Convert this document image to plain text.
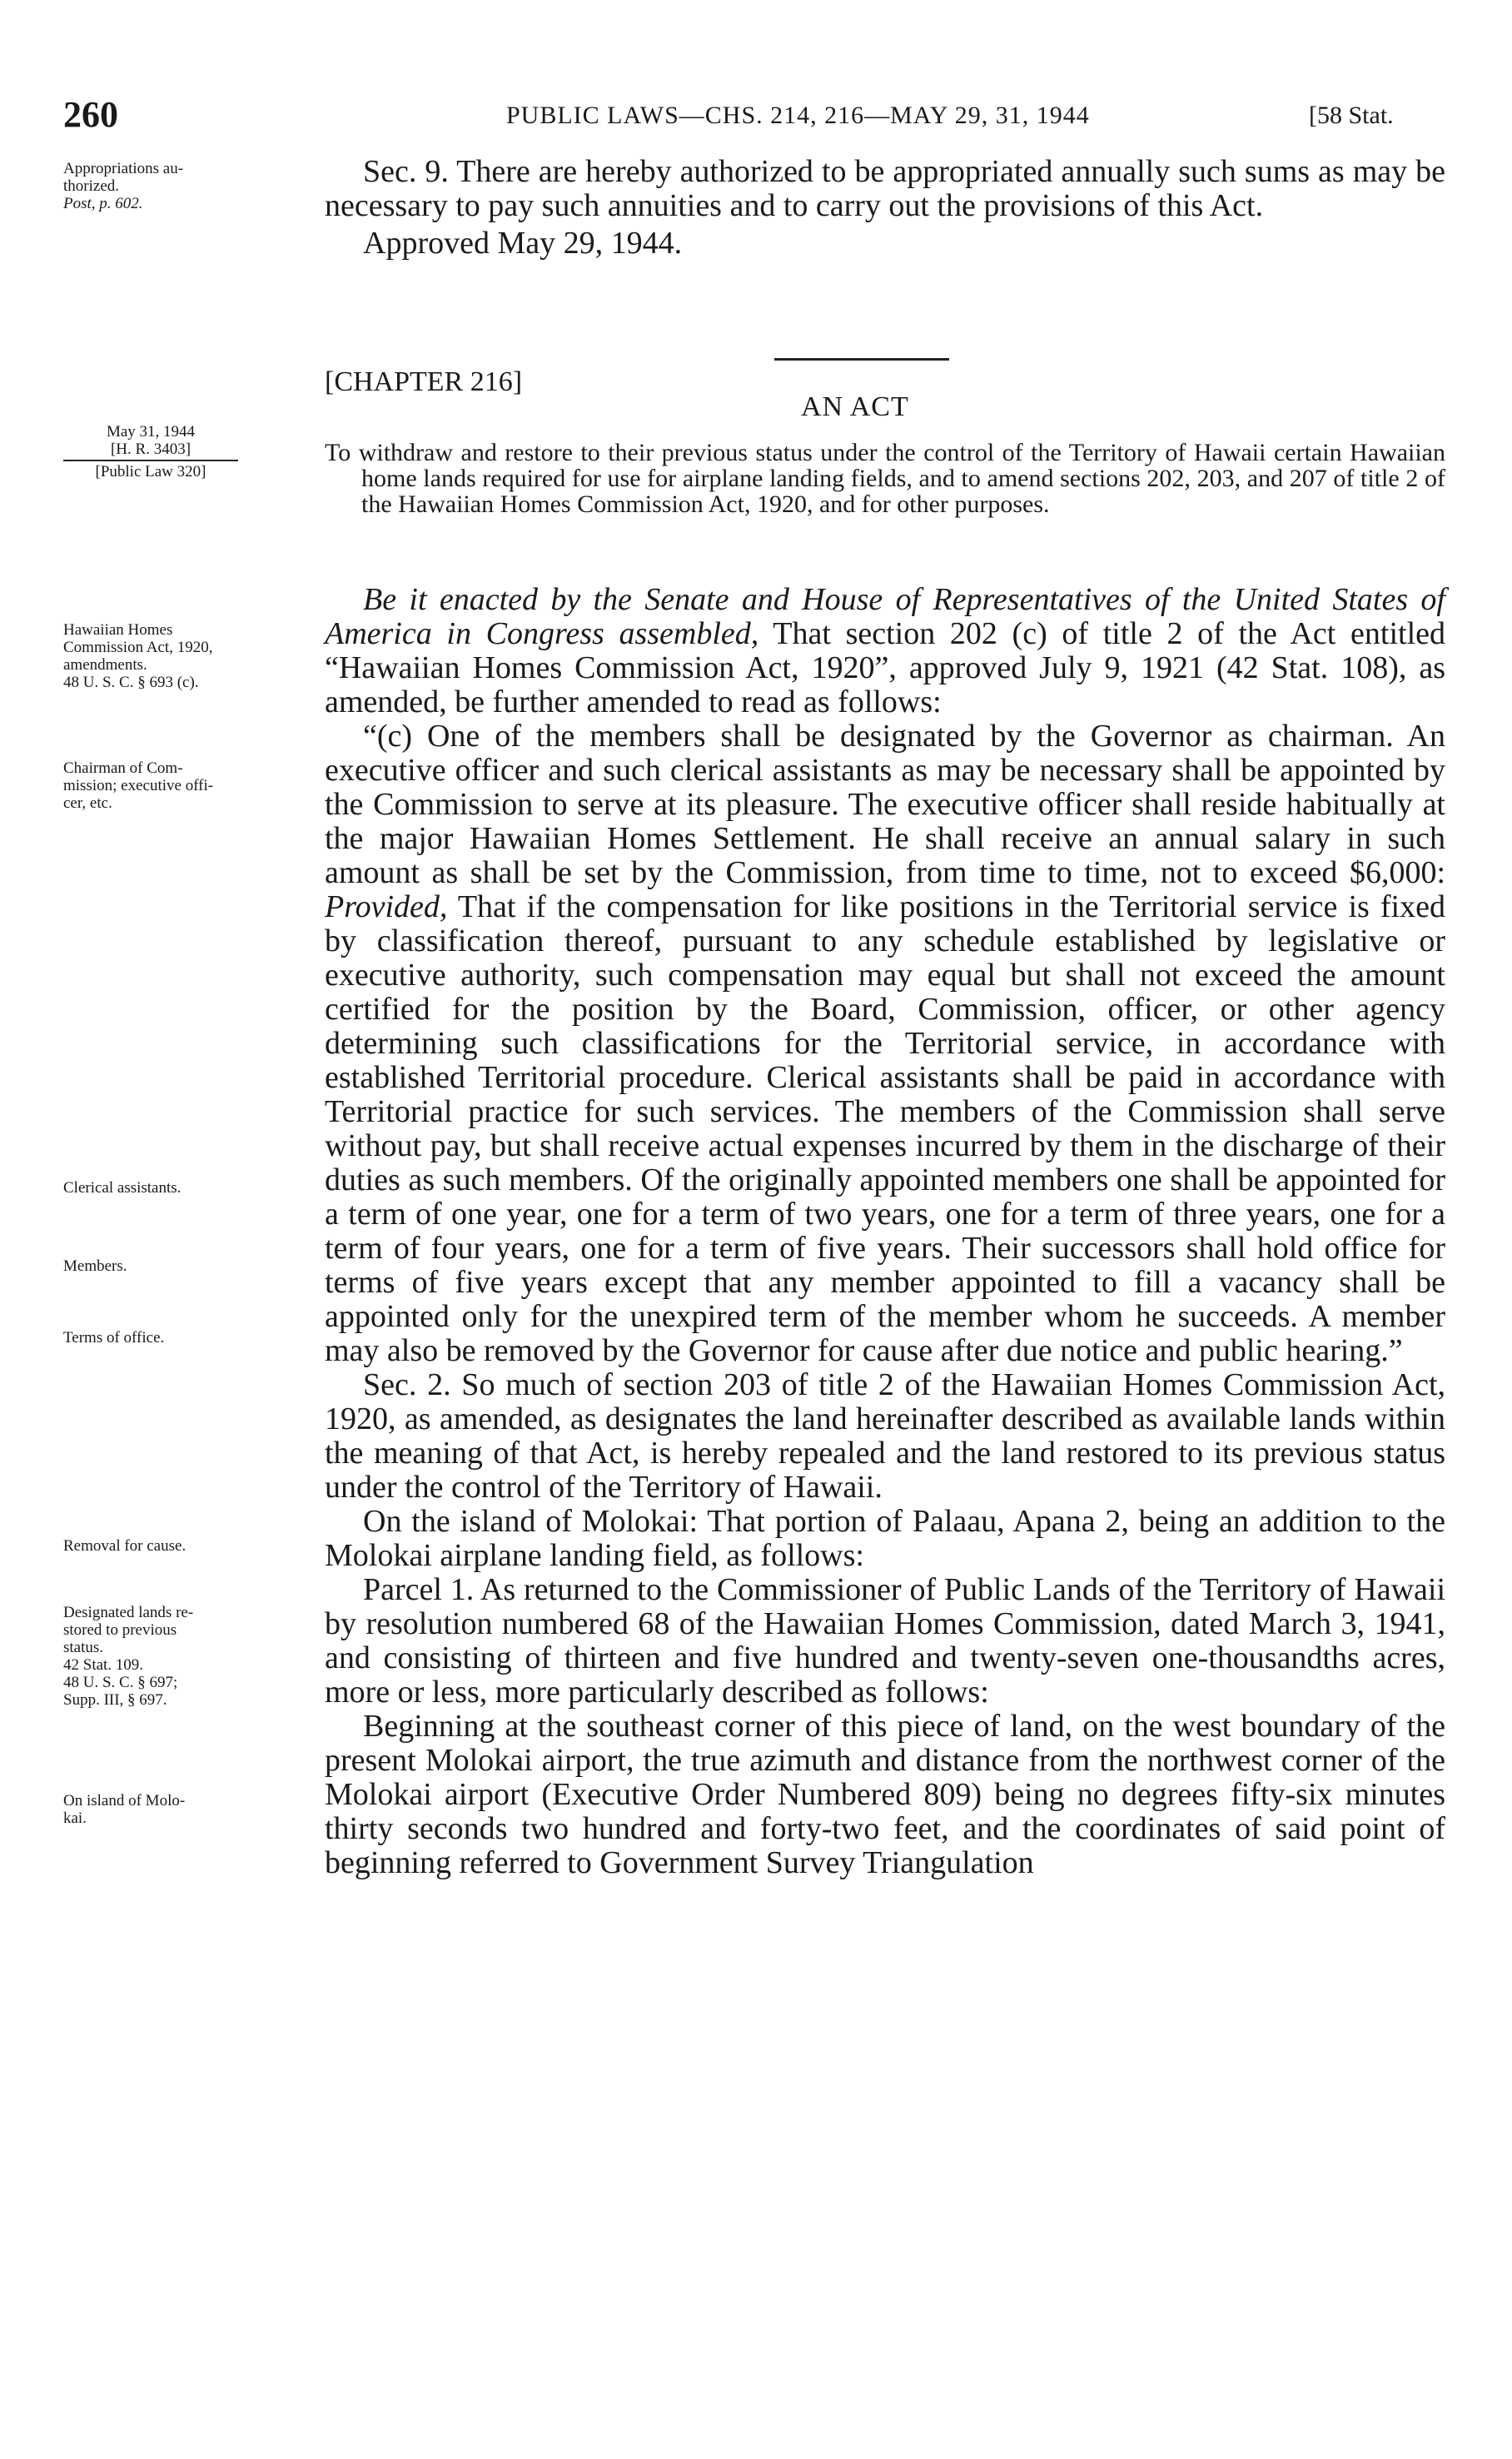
260	PUBLIC LAWS—CHS. 214, 216—MAY 29, 31, 1944	[58 Stat.
Appropriations au-
thorized.
Post, p. 602.
May 31, 1944
[H. R. 3403]
[Public Law 320]
Hawaiian Homes
Commission Act, 1920,
amendments.
48 U. S. C. § 693 (c).
Chairman of Com-
mission; executive offi-
cer, etc.
Clerical assistants.
Members.
Terms of office.
Removal for cause.
Designated lands re-
stored to previous
status.
42 Stat. 109.
48 U. S. C. § 697;
Supp. III, § 697.
On island of Molo-
kai.

Sec. 9. There are hereby authorized to be appropriated annually such sums as may be necessary to pay such annuities and to carry out the provisions of this Act.

Approved May 29, 1944.

[CHAPTER 216]
AN ACT

To withdraw and restore to their previous status under the control of the Territory of Hawaii certain Hawaiian home lands required for use for airplane landing fields, and to amend sections 202, 203, and 207 of title 2 of the Hawaiian Homes Commission Act, 1920, and for other purposes.

Be it enacted by the Senate and House of Representatives of the United States of America in Congress assembled, That section 202 (c) of title 2 of the Act entitled “Hawaiian Homes Commission Act, 1920”, approved July 9, 1921 (42 Stat. 108), as amended, be further amended to read as follows:

“(c) One of the members shall be designated by the Governor as chairman. An executive officer and such clerical assistants as may be necessary shall be appointed by the Commission to serve at its pleasure. The executive officer shall reside habitually at the major Hawaiian Homes Settlement. He shall receive an annual salary in such amount as shall be set by the Commission, from time to time, not to exceed $6,000: Provided, That if the compensation for like positions in the Territorial service is fixed by classification thereof, pursuant to any schedule established by legislative or executive authority, such compensation may equal but shall not exceed the amount certified for the position by the Board, Commission, officer, or other agency determining such classifications for the Territorial service, in accordance with established Territorial procedure. Clerical assistants shall be paid in accordance with Territorial practice for such services. The members of the Commission shall serve without pay, but shall receive actual expenses incurred by them in the discharge of their duties as such members. Of the originally appointed members one shall be appointed for a term of one year, one for a term of two years, one for a term of three years, one for a term of four years, one for a term of five years. Their successors shall hold office for terms of five years except that any member appointed to fill a vacancy shall be appointed only for the unexpired term of the member whom he succeeds. A member may also be removed by the Governor for cause after due notice and public hearing.”

Sec. 2. So much of section 203 of title 2 of the Hawaiian Homes Commission Act, 1920, as amended, as designates the land hereinafter described as available lands within the meaning of that Act, is hereby repealed and the land restored to its previous status under the control of the Territory of Hawaii.

On the island of Molokai: That portion of Palaau, Apana 2, being an addition to the Molokai airplane landing field, as follows:

Parcel 1. As returned to the Commissioner of Public Lands of the Territory of Hawaii by resolution numbered 68 of the Hawaiian Homes Commission, dated March 3, 1941, and consisting of thirteen and five hundred and twenty-seven one-thousandths acres, more or less, more particularly described as follows:

Beginning at the southeast corner of this piece of land, on the west boundary of the present Molokai airport, the true azimuth and distance from the northwest corner of the Molokai airport (Executive Order Numbered 809) being no degrees fifty-six minutes thirty seconds two hundred and forty-two feet, and the coordinates of said point of beginning referred to Government Survey Triangulation
